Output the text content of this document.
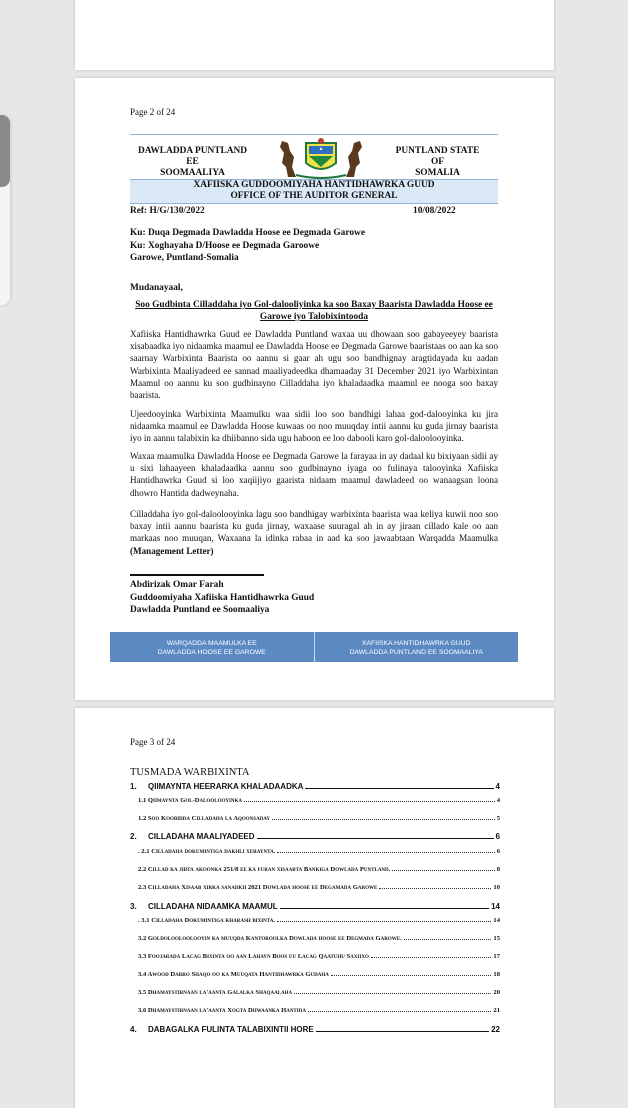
Page 2 of 24
DAWLADDA PUNTLAND
EE
SOOMAALIYA
PUNTLAND STATE
OF
SOMALIA
XAFIISKA GUDDOOMIYAHA HANTIDHAWRKA GUUD
OFFICE OF THE AUDITOR GENERAL
Ref: H/G/130/2022	10/08/2022
Ku: Duqa Degmada Dawladda Hoose ee Degmada Garowe
Ku: Xoghayaha D/Hoose ee Degmada Garoowe
Garowe, Puntland-Somalia
Mudanayaal,
Soo Gudbinta Cilladdaha iyo Gol-dalooliyinka ka soo Baxay Baarista Dawladda Hoose ee Garowe iyo Talobixintooda
Xafiiska Hantidhawrka Guud ee Dawladda Puntland waxaa uu dhowaan soo gabayeeyey baarista xisabaadka iyo nidaamka maamul ee Dawladda Hoose ee Degmada Garowe baaristaas oo aan ka soo saarnay Warbixinta Baarista oo aannu si gaar ah ugu soo bandhignay aragtidayada ku aadan Warbixinta Maaliyadeed ee sannad maaliyadeedka dhamaaday 31 December 2021 iyo Warbixintan Maamul oo aannu ku soo gudbinayno Cilladdaha iyo khaladaadka maamul ee nooga soo baxay baarista.
Ujeedooyinka Warbixinta Maamulku waa sidii loo soo bandhigi lahaa god-dalooyinka ku jira nidaamka maamul ee Dawladda Hoose kuwaas oo noo muuqday intii aannu ku guda jirnay baarista iyo in aannu talabixin ka dhiibanno sida ugu haboon ee loo dabooli karo gol-daloolooyinka.
Waxaa maamulka Dawladda Hoose ee Degmada Garowe la farayaa in ay dadaal ku bixiyaan sidii ay u sixi lahaayeen khaladaadka aannu soo gudbinayno iyaga oo fulinaya talooyinka Xafiiska Hantidhawrka Guud si loo xaqiijiyo gaarista nidaam maamul dawladeed oo wanaagsan loona dhowro Hantida dadweynaha.
Cilladdaha iyo gol-daloolooyinka lagu soo bandhigay warbixinta baarista waa keliya kuwii noo soo baxay intii aannu baarista ku guda jirnay, waxaase suuragal ah in ay jiraan cillado kale oo aan markaas noo muuqan, Waxaana la idinka rabaa in aad ka soo jawaabtaan Warqadda Maamulka (Management Letter)
Abdirizak Omar Farah
Guddoomiyaha Xafiiska Hantidhawrka Guud
Dawladda Puntland ee Soomaaliya
WARQADDA MAAMULKA EE
DAWLADDA HOOSE EE GAROWE
XAFIISKA HANTIDHAWRKA GUUD
DAWLADDA PUNTLAND EE SOOMAALIYA
Page 3 of 24
TUSMADA WARBIXINTA
1. QIIMAYNTA HEERARKA KHALADAADKA	4
1.1 Qiimaynta Gol-Daloolooyinka	4
1.2 Soo Koobidda Cilladaha la Aqoonsaday	5
2. CILLADAHA MAALIYADEED	6
. 2.1 Cilladaha dokumintiga dakhli xeraynta.	6
2.2 Cillad ka jirta akoonka 251/8 ee ka furan xisaabta Bankiga Dowlada Puntland.	8
2.3 Cilladaha Xisaab xirka sanadkii 2021 Dowlada hoose ee Degamada Garowe	10
3. CILLADAHA NIDAAMKA MAAMUL	14
. 3.1 Cilladaha Dokumintiga kharash bixinta.	14
3.2 Goldolooloolooyin ka muuqda Kantoroolka Dowlada hoose ee Degmada Garowe.	15
3.3 Foojarada Lacag Bixinta oo aan Lahayn Boos uu Lacag Qaatuhu Saxiixo	17
3.4 Awood Darro Shaqo oo ka Muuqata Hantidhawrka Gudaha	18
3.5 Dhamaystirnaan la'aanta Galalka Shaqaalaha	20
3.6 Dhamaystirnaan la'aanta Xogta Diiwaanka Hantida	21
4. DABAGALKA FULINTA TALABIXINTII HORE	22
